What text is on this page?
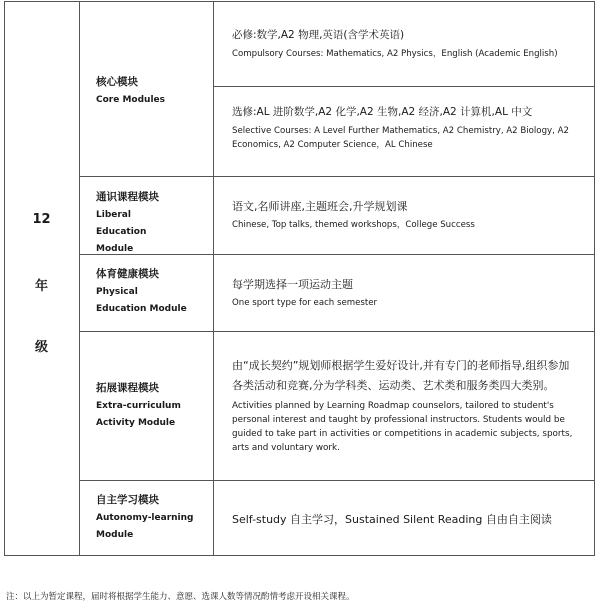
12
年
级
核心模块
Core Modules
通识课程模块
Liberal Education Module
体育健康模块
Physical
Education Module
拓展课程模块
Extra-curriculum
Activity Module
自主学习模块
Autonomy-learning
Module
必修:数学,A2 物理,英语(含学术英语)
Compulsory Courses: Mathematics, A2 Physics，English (Academic English)
选修:AL 进阶数学,A2 化学,A2 生物,A2 经济,A2 计算机,AL 中文
Selective Courses: A Level Further Mathematics, A2 Chemistry, A2 Biology, A2 Economics, A2 Computer Science，AL Chinese
语文,名师讲座,主题班会,升学规划课
Chinese, Top talks, themed workshops，College Success
每学期选择一项运动主题
One sport type for each semester
由“成长契约”规划师根据学生爱好设计,并有专门的老师指导,组织参加各类活动和竞赛,分为学科类、运动类、艺术类和服务类四大类别。
Activities planned by Learning Roadmap counselors, tailored to student's personal interest and taught by professional instructors. Students would be guided to take part in activities or competitions in academic subjects, sports, arts and voluntary work.
Self-study 自主学习，Sustained Silent Reading 自由自主阅读
注：以上为暂定课程，届时将根据学生能力、意愿、选课人数等情况酌情考虑开设相关课程。
